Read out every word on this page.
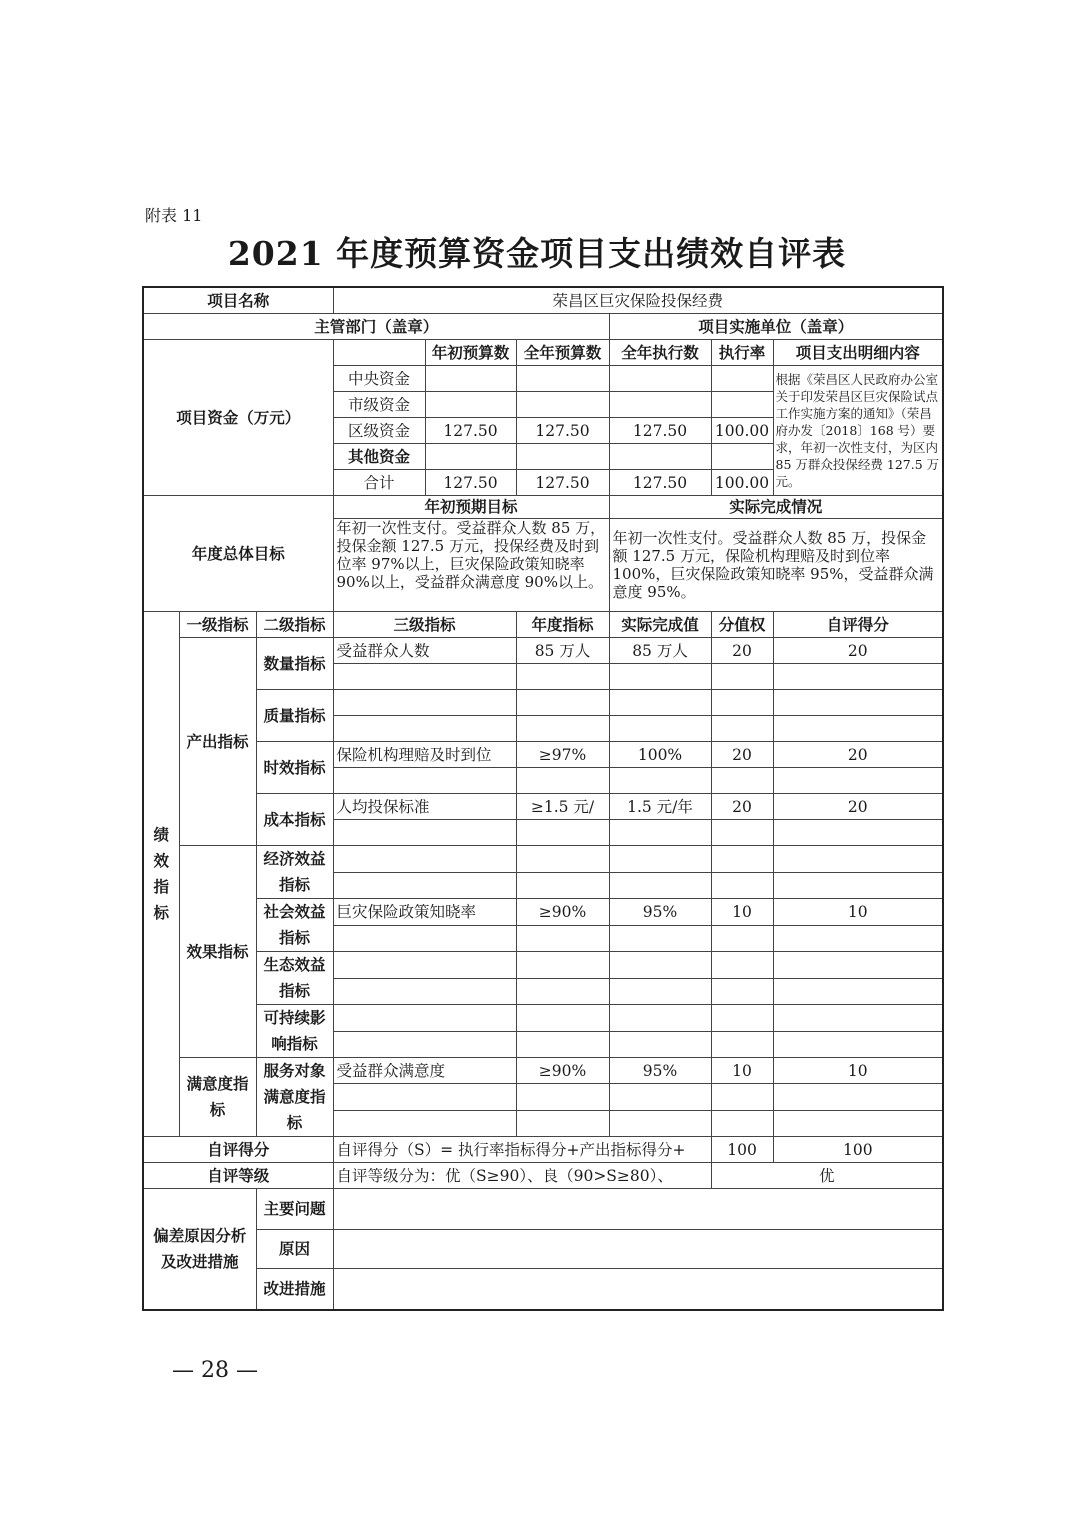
附表 11
2021 年度预算资金项目支出绩效自评表
项目名称			荣昌区巨灾保险投保经费					
主管部门（盖章）						项目实施单位（盖章）		
项目资金（万元）				年初预算数	全年预算数	全年执行数	执行率	项目支出明细内容
			中央资金					根据《荣昌区人民政府办公室关于印发荣昌区巨灾保险试点工作实施方案的通知》（荣昌府办发〔2018〕168 号）要求，年初一次性支付，为区内 85 万群众投保经费 127.5 万元。
			市级资金					
			区级资金	127.50	127.50	127.50	100.00	
			其他资金					
			合计	127.50	127.50	127.50	100.00	
年度总体目标			年初预期目标			实际完成情况		
			年初一次性支付。受益群众人数 85 万，投保金额 127.5 万元，投保经费及时到位率 97%以上，巨灾保险政策知晓率 90%以上，受益群众满意度 90%以上。			年初一次性支付。受益群众人数 85 万，投保金额 127.5 万元，保险机构理赔及时到位率 100%，巨灾保险政策知晓率 95%，受益群众满意度 95%。		
绩效指标	一级指标	二级指标	三级指标		年度指标	实际完成值	分值权	自评得分
	产出指标	数量指标	受益群众人数		85 万人	85 万人	20	20

		质量指标						

		时效指标	保险机构理赔及时到位		≥97%	100%	20	20

		成本指标	人均投保标准		≥1.5 元/	1.5 元/年	20	20

	效果指标	经济效益指标						

		社会效益指标	巨灾保险政策知晓率		≥90%	95%	10	10

		生态效益指标						

		可持续影响指标						

	满意度指标	服务对象满意度指标	受益群众满意度		≥90%	95%	10	10

自评得分			自评得分（S）= 执行率指标得分+产出指标得分+				100	100
自评等级			自评等级分为：优（S≥90）、良（90>S≥80）、				优	
偏差原因分析及改进措施		主要问题						
		原因						
		改进措施						
— 28 —
